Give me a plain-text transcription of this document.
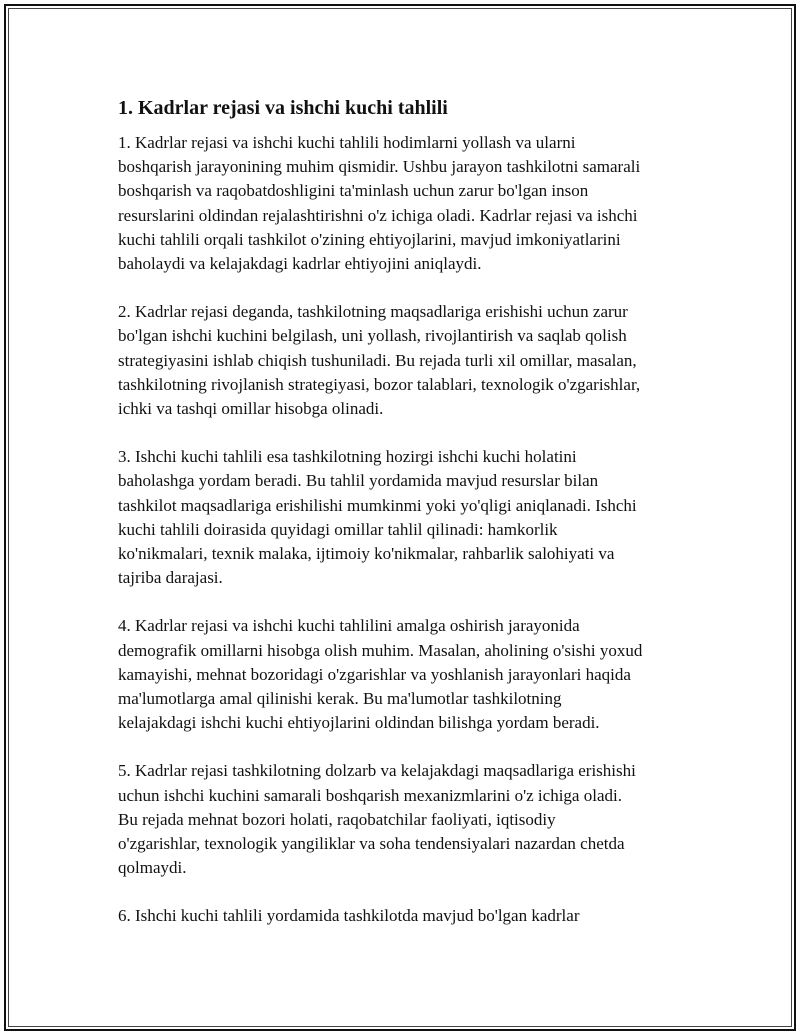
1. Kadrlar rejasi va ishchi kuchi tahlili

1. Kadrlar rejasi va ishchi kuchi tahlili hodimlarni yollash va ularni
boshqarish jarayonining muhim qismidir. Ushbu jarayon tashkilotni samarali
boshqarish va raqobatdoshligini ta'minlash uchun zarur bo'lgan inson
resurslarini oldindan rejalashtirishni o'z ichiga oladi. Kadrlar rejasi va ishchi
kuchi tahlili orqali tashkilot o'zining ehtiyojlarini, mavjud imkoniyatlarini
baholaydi va kelajakdagi kadrlar ehtiyojini aniqlaydi.

2. Kadrlar rejasi deganda, tashkilotning maqsadlariga erishishi uchun zarur
bo'lgan ishchi kuchini belgilash, uni yollash, rivojlantirish va saqlab qolish
strategiyasini ishlab chiqish tushuniladi. Bu rejada turli xil omillar, masalan,
tashkilotning rivojlanish strategiyasi, bozor talablari, texnologik o'zgarishlar,
ichki va tashqi omillar hisobga olinadi.

3. Ishchi kuchi tahlili esa tashkilotning hozirgi ishchi kuchi holatini
baholashga yordam beradi. Bu tahlil yordamida mavjud resurslar bilan
tashkilot maqsadlariga erishilishi mumkinmi yoki yo'qligi aniqlanadi. Ishchi
kuchi tahlili doirasida quyidagi omillar tahlil qilinadi: hamkorlik
ko'nikmalari, texnik malaka, ijtimoiy ko'nikmalar, rahbarlik salohiyati va
tajriba darajasi.

4. Kadrlar rejasi va ishchi kuchi tahlilini amalga oshirish jarayonida
demografik omillarni hisobga olish muhim. Masalan, aholining o'sishi yoxud
kamayishi, mehnat bozoridagi o'zgarishlar va yoshlanish jarayonlari haqida
ma'lumotlarga amal qilinishi kerak. Bu ma'lumotlar tashkilotning
kelajakdagi ishchi kuchi ehtiyojlarini oldindan bilishga yordam beradi.

5. Kadrlar rejasi tashkilotning dolzarb va kelajakdagi maqsadlariga erishishi
uchun ishchi kuchini samarali boshqarish mexanizmlarini o'z ichiga oladi.
Bu rejada mehnat bozori holati, raqobatchilar faoliyati, iqtisodiy
o'zgarishlar, texnologik yangiliklar va soha tendensiyalari nazardan chetda
qolmaydi.

6. Ishchi kuchi tahlili yordamida tashkilotda mavjud bo'lgan kadrlar
